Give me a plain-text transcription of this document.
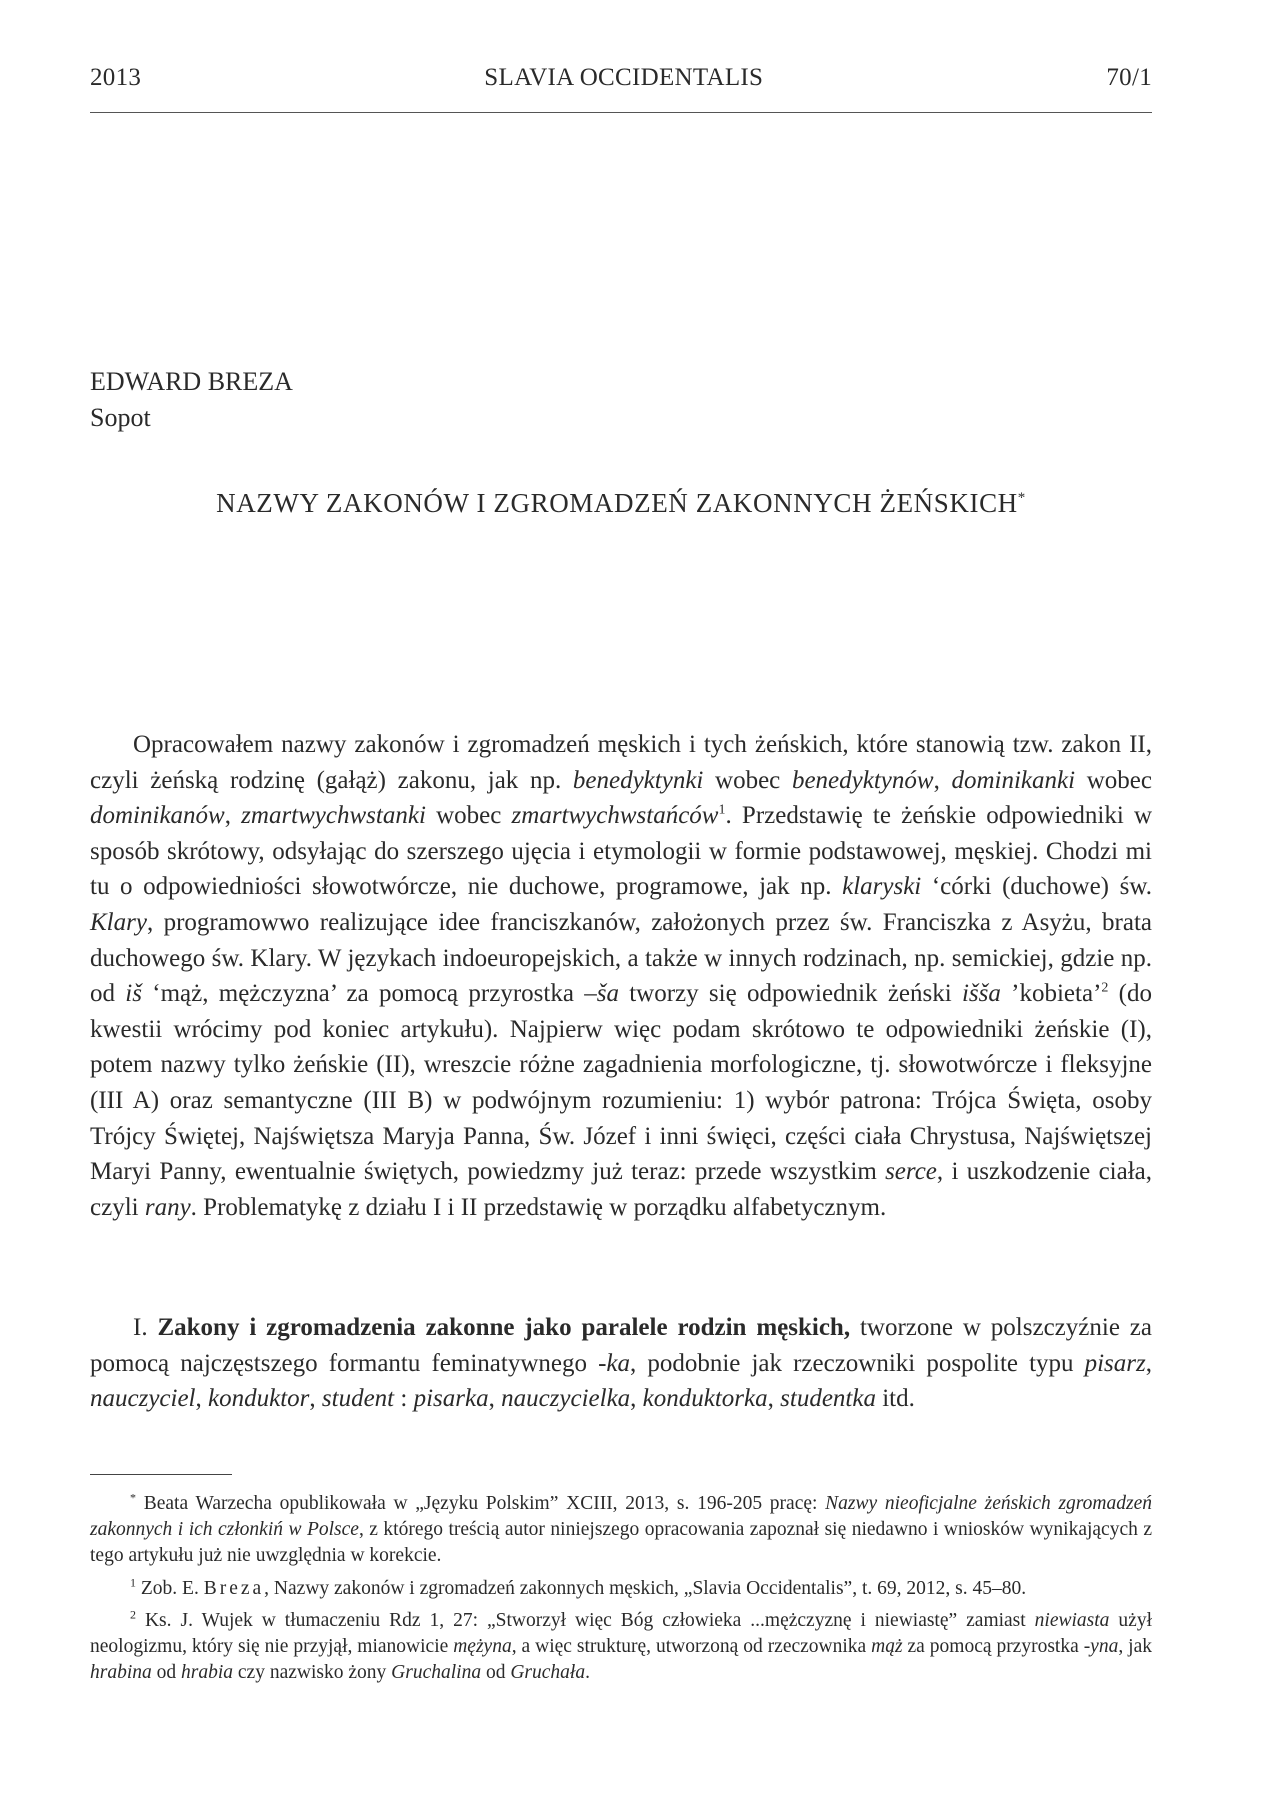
2013	SLAVIA OCCIDENTALIS	70/1
EDWARD BREZA
Sopot
NAZWY ZAKONÓW I ZGROMADZEŃ ZAKONNYCH ŻEŃSKICH*

Opracowałem nazwy zakonów i zgromadzeń męskich i tych żeńskich, które stanowią tzw. zakon II, czyli żeńską rodzinę (gałąż) zakonu, jak np. benedyktynki wobec benedyktynów, dominikanki wobec dominikanów, zmartwychwstanki wobec zmartwychwstańców$^1$. Przedstawię te żeńskie odpowiedniki w sposób skrótowy, odsyłając do szerszego ujęcia i etymologii w formie podstawowej, męskiej. Chodzi mi tu o odpowiedniości słowotwórcze, nie duchowe, programowe, jak np. klaryski ‘córki (duchowe) św. Klary, programowwo realizujące idee franciszkanów, założonych przez św. Franciszka z Asyżu, brata duchowego św. Klary. W językach indoeuropejskich, a także w innych rodzinach, np. semickiej, gdzie np. od iš ‘mąż, mężczyzna’ za pomocą przyrostka –ša tworzy się odpowiednik żeński išša ’kobieta’$^2$ (do kwestii wrócimy pod koniec artykułu). Najpierw więc podam skrótowo te odpowiedniki żeńskie (I), potem nazwy tylko żeńskie (II), wreszcie różne zagadnienia morfologiczne, tj. słowotwórcze i fleksyjne (III A) oraz semantyczne (III B) w podwójnym rozumieniu: 1) wybór patrona: Trójca Święta, osoby Trójcy Świętej, Najświętsza Maryja Panna, Św. Józef i inni święci, części ciała Chrystusa, Najświętszej Maryi Panny, ewentualnie świętych, powiedzmy już teraz: przede wszystkim serce, i uszkodzenie ciała, czyli rany. Problematykę z działu I i II przedstawię w porządku alfabetycznym.

I. Zakony i zgromadzenia zakonne jako paralele rodzin męskich, tworzone w polszczyźnie za pomocą najczęstszego formantu feminatywnego -ka, podobnie jak rzeczowniki pospolite typu pisarz, nauczyciel, konduktor, student : pisarka, nauczycielka, konduktorka, studentka itd.

* Beata Warzecha opublikowała w „Języku Polskim” XCIII, 2013, s. 196-205 pracę: Nazwy nieoficjalne żeńskich zgromadzeń zakonnych i ich członkiń w Polsce, z którego treścią autor niniejszego opracowania zapoznał się niedawno i wniosków wynikających z tego artykułu już nie uwzględnia w korekcie.

$^1$ Zob. E. Breza, Nazwy zakonów i zgromadzeń zakonnych męskich, „Slavia Occidentalis”, t. 69, 2012, s. 45–80.

$^2$ Ks. J. Wujek w tłumaczeniu Rdz 1, 27: „Stworzył więc Bóg człowieka ...mężczyznę i niewiastę” zamiast niewiasta użył neologizmu, który się nie przyjął, mianowicie mężyna, a więc strukturę, utworzoną od rzeczownika mąż za pomocą przyrostka -yna, jak hrabina od hrabia czy nazwisko żony Gruchalina od Gruchała.
